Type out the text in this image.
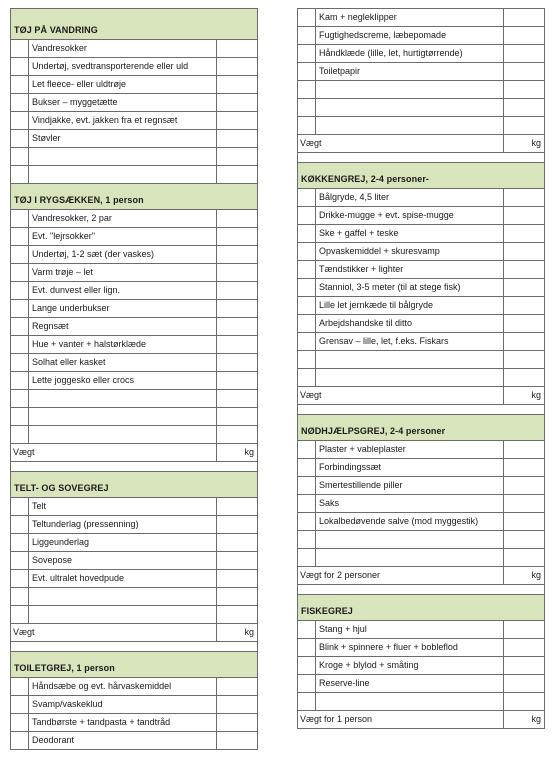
TØJ PÅ VANDRING
Vandresokker
Undertøj, svedtransporterende eller uld
Let fleece- eller uldtrøje
Bukser – myggetætte
Vindjakke, evt. jakken fra et regnsæt
Støvler
TØJ I RYGSÆKKEN, 1 person
Vandresokker, 2 par
Evt. "lejrsokker"
Undertøj, 1-2 sæt (der vaskes)
Varm trøje – let
Evt. dunvest eller lign.
Lange underbukser
Regnsæt
Hue + vanter + halstørklæde
Solhat eller kasket
Lette joggesko eller crocs
Vægt	kg
TELT- OG SOVEGREJ
Telt
Teltunderlag (pressenning)
Liggeunderlag
Sovepose
Evt. ultralet hovedpude
Vægt	kg
TOILETGREJ, 1 person
Håndsæbe og evt. hårvaskemiddel
Svamp/vaskeklud
Tandbørste + tandpasta + tandtråd
Deodorant
Kam + neglekIipper
Fugtighedscreme, læbepomade
Håndklæde (lille, let, hurtigtørrende)
Toiletpapir
Vægt	kg
KØKKENGREJ, 2-4 personer-
Bålgryde, 4,5 liter
Drikke-mugge + evt. spise-mugge
Ske + gaffel + teske
Opvaskemiddel + skuresvamp
Tændstikker + lighter
Stanniol, 3-5 meter (til at stege fisk)
Lille let jernkæde til bålgryde
Arbejdshandske til ditto
Grensav – lille, let, f.eks. Fiskars
Vægt	kg
NØDHJÆLPSGREJ, 2-4 personer
Plaster + vableplaster
Forbindingssæt
Smertestillende piller
Saks
Lokalbedøvende salve (mod myggestik)
Vægt for 2 personer	kg
FISKEGREJ
Stang + hjul
Blink + spinnere + fluer + bobleflod
Kroge + blylod + småting
Reserve-line
Vægt for 1 person	kg
